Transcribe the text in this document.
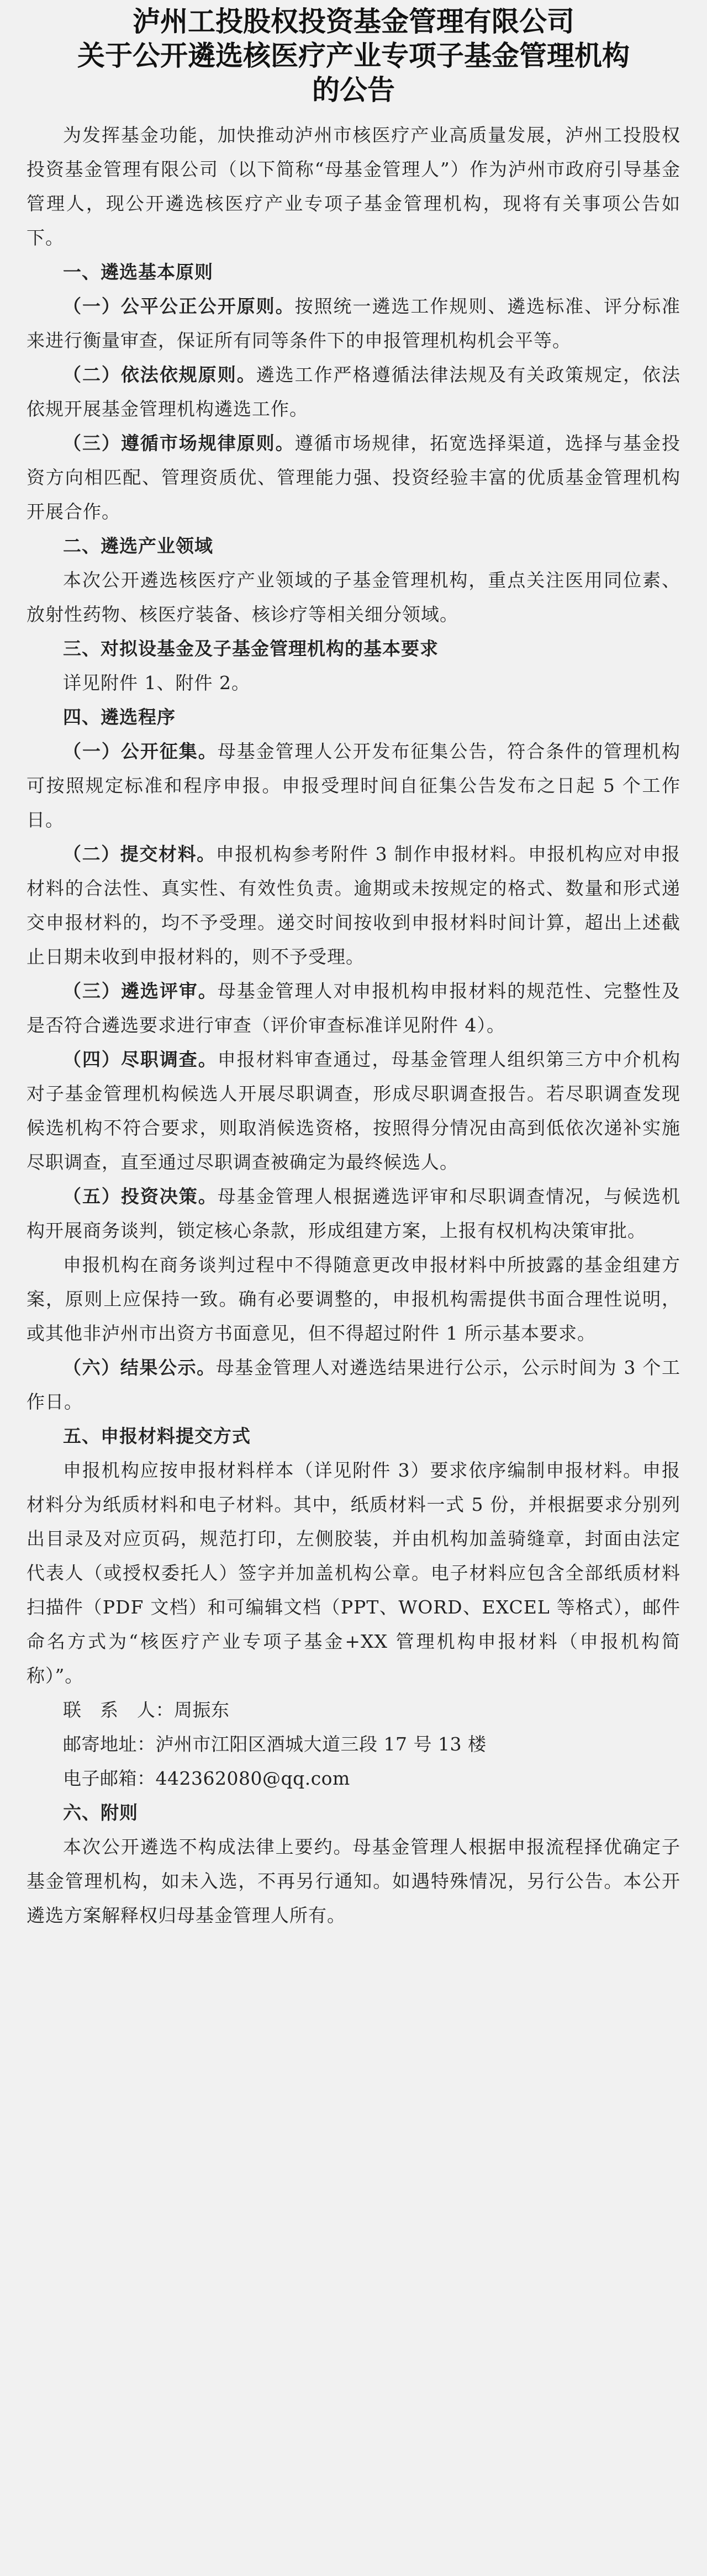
泸州工投股权投资基金管理有限公司
关于公开遴选核医疗产业专项子基金管理机构
的公告

为发挥基金功能，加快推动泸州市核医疗产业高质量发展，泸州工投股权投资基金管理有限公司（以下简称“母基金管理人”）作为泸州市政府引导基金管理人，现公开遴选核医疗产业专项子基金管理机构，现将有关事项公告如下。

一、遴选基本原则

（一）公平公正公开原则。按照统一遴选工作规则、遴选标准、评分标准来进行衡量审查，保证所有同等条件下的申报管理机构机会平等。

（二）依法依规原则。遴选工作严格遵循法律法规及有关政策规定，依法依规开展基金管理机构遴选工作。

（三）遵循市场规律原则。遵循市场规律，拓宽选择渠道，选择与基金投资方向相匹配、管理资质优、管理能力强、投资经验丰富的优质基金管理机构开展合作。

二、遴选产业领域

本次公开遴选核医疗产业领域的子基金管理机构，重点关注医用同位素、放射性药物、核医疗装备、核诊疗等相关细分领域。

三、对拟设基金及子基金管理机构的基本要求

详见附件 1、附件 2。

四、遴选程序

（一）公开征集。母基金管理人公开发布征集公告，符合条件的管理机构可按照规定标准和程序申报。申报受理时间自征集公告发布之日起 5 个工作日。

（二）提交材料。申报机构参考附件 3 制作申报材料。申报机构应对申报材料的合法性、真实性、有效性负责。逾期或未按规定的格式、数量和形式递交申报材料的，均不予受理。递交时间按收到申报材料时间计算，超出上述截止日期未收到申报材料的，则不予受理。

（三）遴选评审。母基金管理人对申报机构申报材料的规范性、完整性及是否符合遴选要求进行审查（评价审查标准详见附件 4）。

（四）尽职调查。申报材料审查通过，母基金管理人组织第三方中介机构对子基金管理机构候选人开展尽职调查，形成尽职调查报告。若尽职调查发现候选机构不符合要求，则取消候选资格，按照得分情况由高到低依次递补实施尽职调查，直至通过尽职调查被确定为最终候选人。

（五）投资决策。母基金管理人根据遴选评审和尽职调查情况，与候选机构开展商务谈判，锁定核心条款，形成组建方案，上报有权机构决策审批。

申报机构在商务谈判过程中不得随意更改申报材料中所披露的基金组建方案，原则上应保持一致。确有必要调整的，申报机构需提供书面合理性说明，或其他非泸州市出资方书面意见，但不得超过附件 1 所示基本要求。

（六）结果公示。母基金管理人对遴选结果进行公示，公示时间为 3 个工作日。

五、申报材料提交方式

申报机构应按申报材料样本（详见附件 3）要求依序编制申报材料。申报材料分为纸质材料和电子材料。其中，纸质材料一式 5 份，并根据要求分别列出目录及对应页码，规范打印，左侧胶装，并由机构加盖骑缝章，封面由法定代表人（或授权委托人）签字并加盖机构公章。电子材料应包含全部纸质材料扫描件（PDF 文档）和可编辑文档（PPT、WORD、EXCEL 等格式），邮件命名方式为“核医疗产业专项子基金+XX 管理机构申报材料（申报机构简称）”。

联　系　人：周振东

邮寄地址：泸州市江阳区酒城大道三段 17 号 13 楼

电子邮箱：442362080@qq.com

六、附则

本次公开遴选不构成法律上要约。母基金管理人根据申报流程择优确定子基金管理机构，如未入选，不再另行通知。如遇特殊情况，另行公告。本公开遴选方案解释权归母基金管理人所有。
